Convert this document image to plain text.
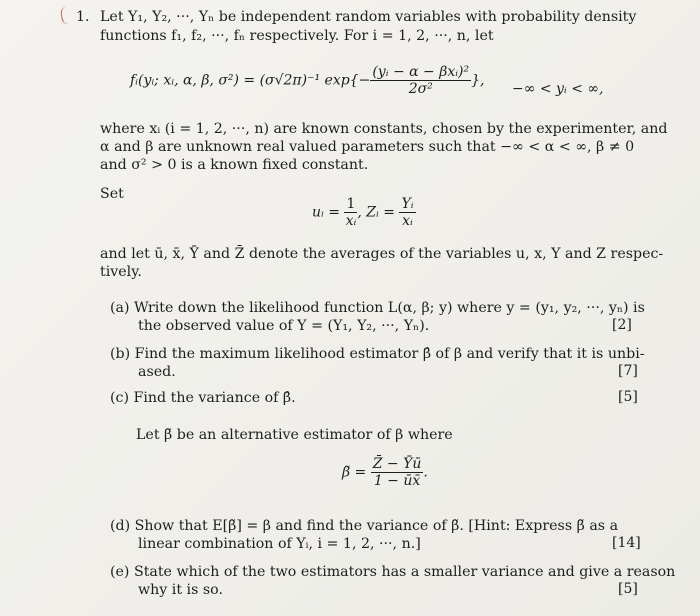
1. Let Y₁, Y₂, ···, Yₙ be independent random variables with probability density
functions f₁, f₂, ···, fₙ respectively. For i = 1, 2, ···, n, let
fᵢ(yᵢ; xᵢ, α, β, σ²) = (σ√2π)⁻¹ $\exp\{- \frac{\text{(yᵢ − α − βxᵢ)²}}{\text{2σ²}}$ },
−∞ < yᵢ < ∞,
where xᵢ (i = 1, 2, ···, n) are known constants, chosen by the experimenter, and
α and β are unknown real valued parameters such that −∞ < α < ∞, β ≠ 0
and σ² > 0 is a known fixed constant.
Set
uᵢ = $\frac{1}{\text{xᵢ}}$ , Zᵢ = $\frac{\text{Yᵢ}}{\text{xᵢ}}$
and let ū, x̄, Ȳ and Z̄ denote the averages of the variables u, x, Y and Z respec-
tively.
(a) Write down the likelihood function L(α, β; y) where y = (y₁, y₂, ···, yₙ) is
the observed value of Y = (Y₁, Y₂, ···, Yₙ).	[2]
(b) Find the maximum likelihood estimator β̂ of β and verify that it is unbi-
ased.	[7]
(c) Find the variance of β̂.	[5]
Let β̃ be an alternative estimator of β where
β̃ = $\frac{Z̄ - Ȳū}{1 - ūx̄}$ .
(d) Show that E[β̃] = β and find the variance of β̃. [Hint: Express β̃ as a
linear combination of Yᵢ, i = 1, 2, ···, n.]	[14]
(e) State which of the two estimators has a smaller variance and give a reason
why it is so.	[5]
